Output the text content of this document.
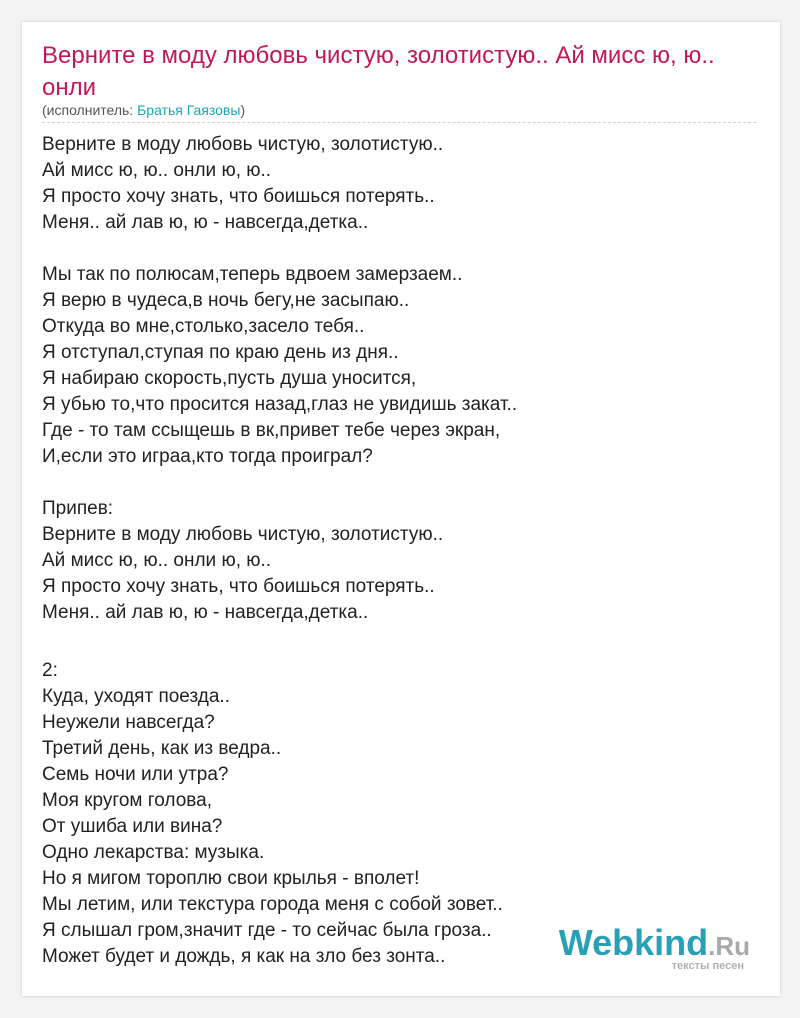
Верните в моду любовь чистую, золотистую.. Ай мисс ю, ю.. онли
(исполнитель: Братья Гаязовы)
Верните в моду любовь чистую, золотистую..
Ай мисс ю, ю.. онли ю, ю..
Я просто хочу знать, что боишься потерять..
Меня.. ай лав ю, ю - навсегда,детка..
Мы так по полюсам,теперь вдвоем замерзаем..
Я верю в чудеса,в ночь бегу,не засыпаю..
Откуда во мне,столько,засело тебя..
Я отступал,ступая по краю день из дня..
Я набираю скорость,пусть душа уносится,
Я убью то,что просится назад,глаз не увидишь закат..
Где - то там ссыщешь в вк,привет тебе через экран,
И,если это играа,кто тогда проиграл?
Припев:
Верните в моду любовь чистую, золотистую..
Ай мисс ю, ю.. онли ю, ю..
Я просто хочу знать, что боишься потерять..
Меня.. ай лав ю, ю - навсегда,детка..
2:
Куда, уходят поезда..
Неужели навсегда?
Третий день, как из ведра..
Семь ночи или утра?
Моя кругом голова,
От ушиба или вина?
Одно лекарства: музыка.
Но я мигом тороплю свои крылья - вполет!
Мы летим, или текстура города меня с собой зовет..
Я слышал гром,значит где - то сейчас была гроза..
Может будет и дождь, я как на зло без зонта..	Webkind.Ru
тексты песен
